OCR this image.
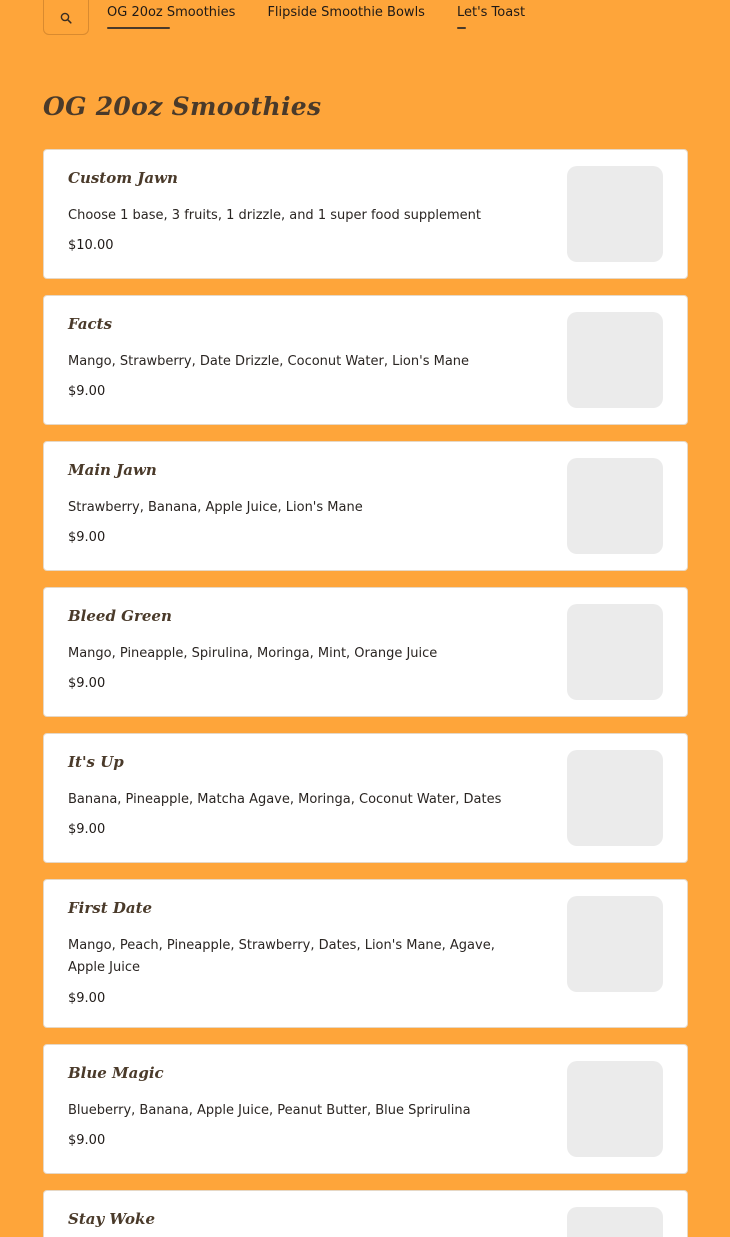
OG 20oz Smoothies Flipside Smoothie Bowls Let's Toast
OG 20oz Smoothies
Custom Jawn
Choose 1 base, 3 fruits, 1 drizzle, and 1 super food supplement
$10.00
Facts
Mango, Strawberry, Date Drizzle, Coconut Water, Lion's Mane
$9.00
Main Jawn
Strawberry, Banana, Apple Juice, Lion's Mane
$9.00
Bleed Green
Mango, Pineapple, Spirulina, Moringa, Mint, Orange Juice
$9.00
It's Up
Banana, Pineapple, Matcha Agave, Moringa, Coconut Water, Dates
$9.00
First Date
Mango, Peach, Pineapple, Strawberry, Dates, Lion's Mane, Agave, Apple Juice
$9.00
Blue Magic
Blueberry, Banana, Apple Juice, Peanut Butter, Blue Sprirulina
$9.00
Stay Woke
